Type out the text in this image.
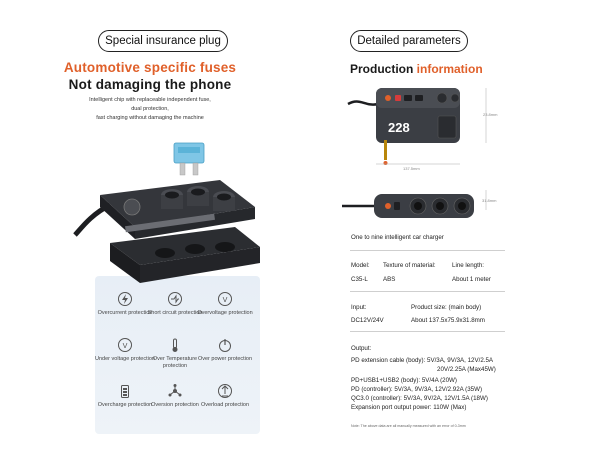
Special insurance plug
Automotive specific fuses
Not damaging the phone
Intelligent chip with replaceable independent fuse,
dual protection,
fast charging without damaging the machine
Overcurrent protection
Short circuit protection
V
Overvoltage protection
V
Under voltage protection
Over Temperature protection
Over power protection
Overcharge protection
Oversion protection Overload protection
Detailed parameters
Production information
228
23.8mm
137.5mm
31.8mm
One to nine intelligent car charger
Model: Texture of material:	Line length:
C35-L ABS	About 1 meter
Input:	Product size: (main body)
DC12V/24V	About 137.5x75.9x31.8mm
Output:
PD extension cable (body): 5V/3A, 9V/3A, 12V/2.5A
20V/2.25A (Max45W)
PD+USB1+USB2 (body): 5V/4A (20W)
PD (controller): 5V/3A, 9V/3A, 12V/2.92A (35W)
QC3.0 (controller): 5V/3A, 9V/2A, 12V/1.5A (18W)
Expansion port output power: 110W (Max)
Note: The above data are all manually measured with an error of 0-3mm
